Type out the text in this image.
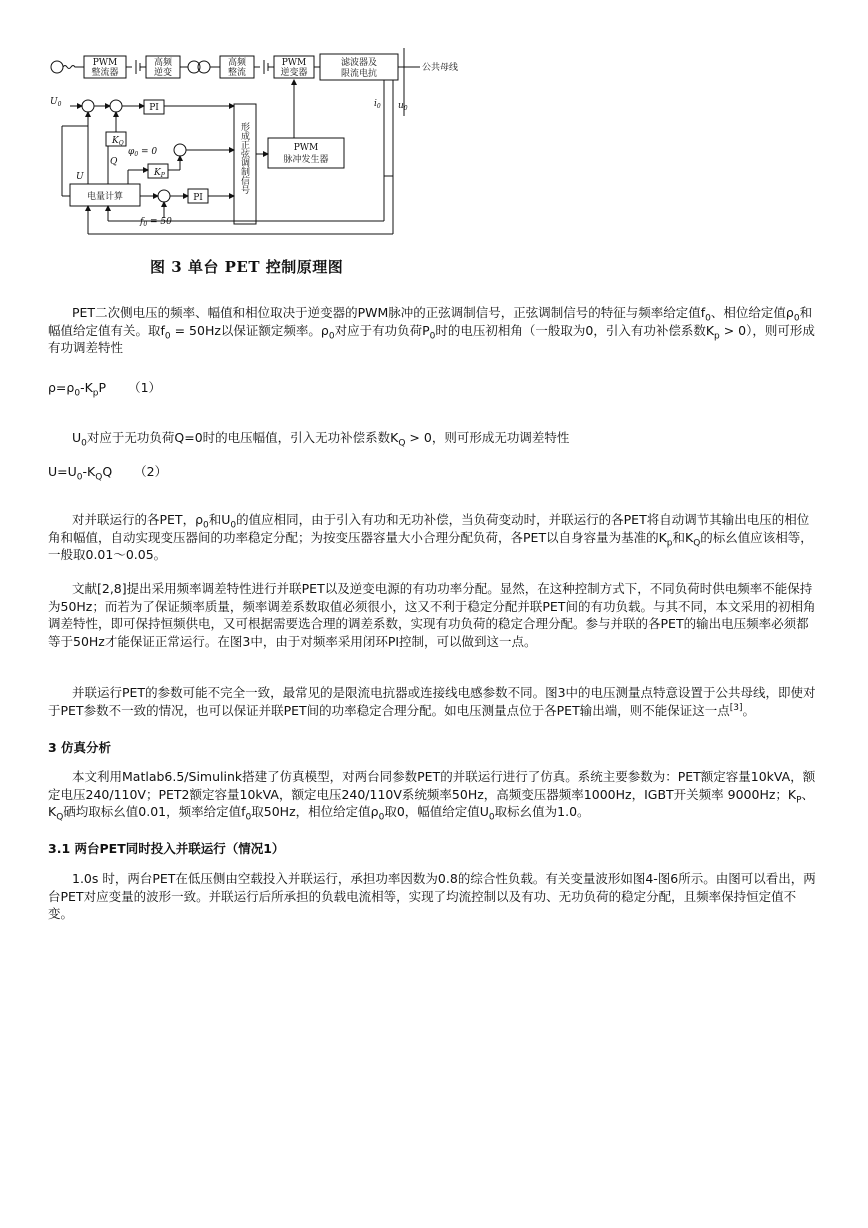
PWM
整流器
高频
逆变
高频
整流
PWM
逆变器
滤波器及
限流电抗
PI
PI
电量计算
PWM
脉冲发生器
$K_Q$
$K_P$
$U_0$
U
Q
$\varphi_0 = 0$
$f_0 = 50$
$i_0$ $u_0$
公共母线
形成正弦调制信号
图 3 单台 PET 控制原理图

PET二次侧电压的频率、幅值和相位取决于逆变器的PWM脉冲的正弦调制信号，正弦调制信号的特征与频率给定值$f_0$、相位给定值$\rho_0$和幅值给定值有关。取$f_0 = 50Hz$以保证额定频率。$\rho_0$对应于有功负荷$P_0$时的电压初相角（一般取为0，引入有功补偿系数$K_p > 0$），则可形成有功调差特性

$\rho=\rho_0-K_pP$ （1）

$U_0$对应于无功负荷Q=0时的电压幅值，引入无功补偿系数$K_Q > 0$，则可形成无功调差特性

$U=U_0-K_QQ$ （2）

对并联运行的各PET，$\rho_0$和$U_0$的值应相同，由于引入有功和无功补偿，当负荷变动时，并联运行的各PET将自动调节其输出电压的相位角和幅值，自动实现变压器间的功率稳定分配；为按变压器容量大小合理分配负荷，各PET以自身容量为基准的$K_p$和$K_Q$的标幺值应该相等，一般取0.01～0.05。

文献[2,8]提出采用频率调差特性进行并联PET以及逆变电源的有功功率分配。显然，在这种控制方式下，不同负荷时供电频率不能保持为50Hz；而若为了保证频率质量，频率调差系数取值必须很小，这又不利于稳定分配并联PET间的有功负载。与其不同，本文采用的初相角调差特性，即可保持恒频供电，又可根据需要选合理的调差系数，实现有功负荷的稳定合理分配。参与并联的各PET的输出电压频率必须都等于50Hz才能保证正常运行。在图3中，由于对频率采用闭环PI控制，可以做到这一点。

并联运行PET的参数可能不完全一致，最常见的是限流电抗器或连接线电感参数不同。图3中的电压测量点特意设置于公共母线，即使对于PET参数不一致的情况，也可以保证并联PET间的功率稳定合理分配。如电压测量点位于各PET输出端，则不能保证这一点[3]。

3 仿真分析

本文利用Matlab6.5/Simulink搭建了仿真模型，对两台同参数PET的并联运行进行了仿真。系统主要参数为：PET额定容量10kVA，额定电压240/110V；PET2额定容量10kVA，额定电压240/110V系统频率50Hz，高频变压器频率1000Hz，IGBT开关频率 9000Hz；$K_P$、$K_Q$硒均取标幺值0.01，频率给定值$f_0$取50Hz，相位给定值$\rho_0$取0，幅值给定值$U_0$取标幺值为1.0。

3.1 两台PET同时投入并联运行（情况1）

1.0s 时，两台PET在低压侧由空载投入并联运行，承担功率因数为0.8的综合性负载。有关变量波形如图4-图6所示。由图可以看出，两台PET对应变量的波形一致。并联运行后所承担的负载电流相等，实现了均流控制以及有功、无功负荷的稳定分配，且频率保持恒定值不变。
